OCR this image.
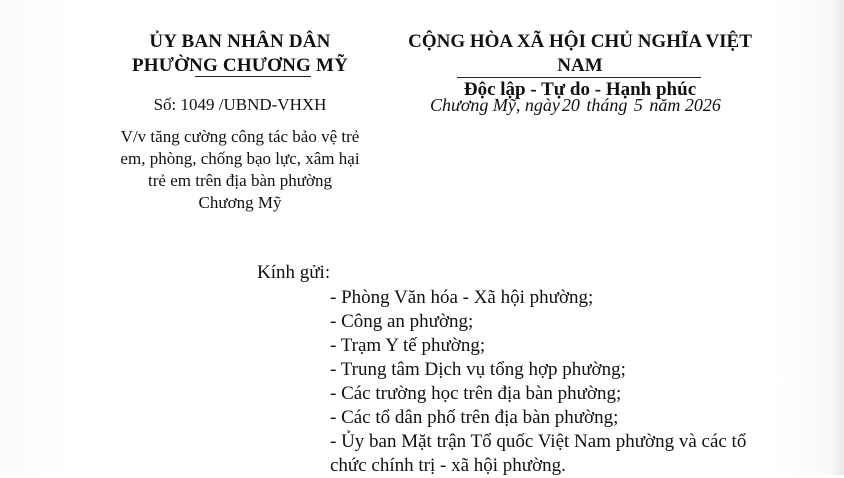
ỦY BAN NHÂN DÂN
PHƯỜNG CHƯƠNG MỸ
CỘNG HÒA XÃ HỘI CHỦ NGHĨA VIỆT NAM
Độc lập - Tự do - Hạnh phúc
Số: 1049 /UBND-VHXH	Chương Mỹ, ngày 20 tháng 5 năm 2026
V/v tăng cường công tác bảo vệ trẻ
em, phòng, chống bạo lực, xâm hại
trẻ em trên địa bàn phường
Chương Mỹ
Kính gửi:
- Phòng Văn hóa - Xã hội phường;
- Công an phường;
- Trạm Y tế phường;
- Trung tâm Dịch vụ tổng hợp phường;
- Các trường học trên địa bàn phường;
- Các tổ dân phố trên địa bàn phường;
- Ủy ban Mặt trận Tổ quốc Việt Nam phường và các tổ
chức chính trị - xã hội phường.
